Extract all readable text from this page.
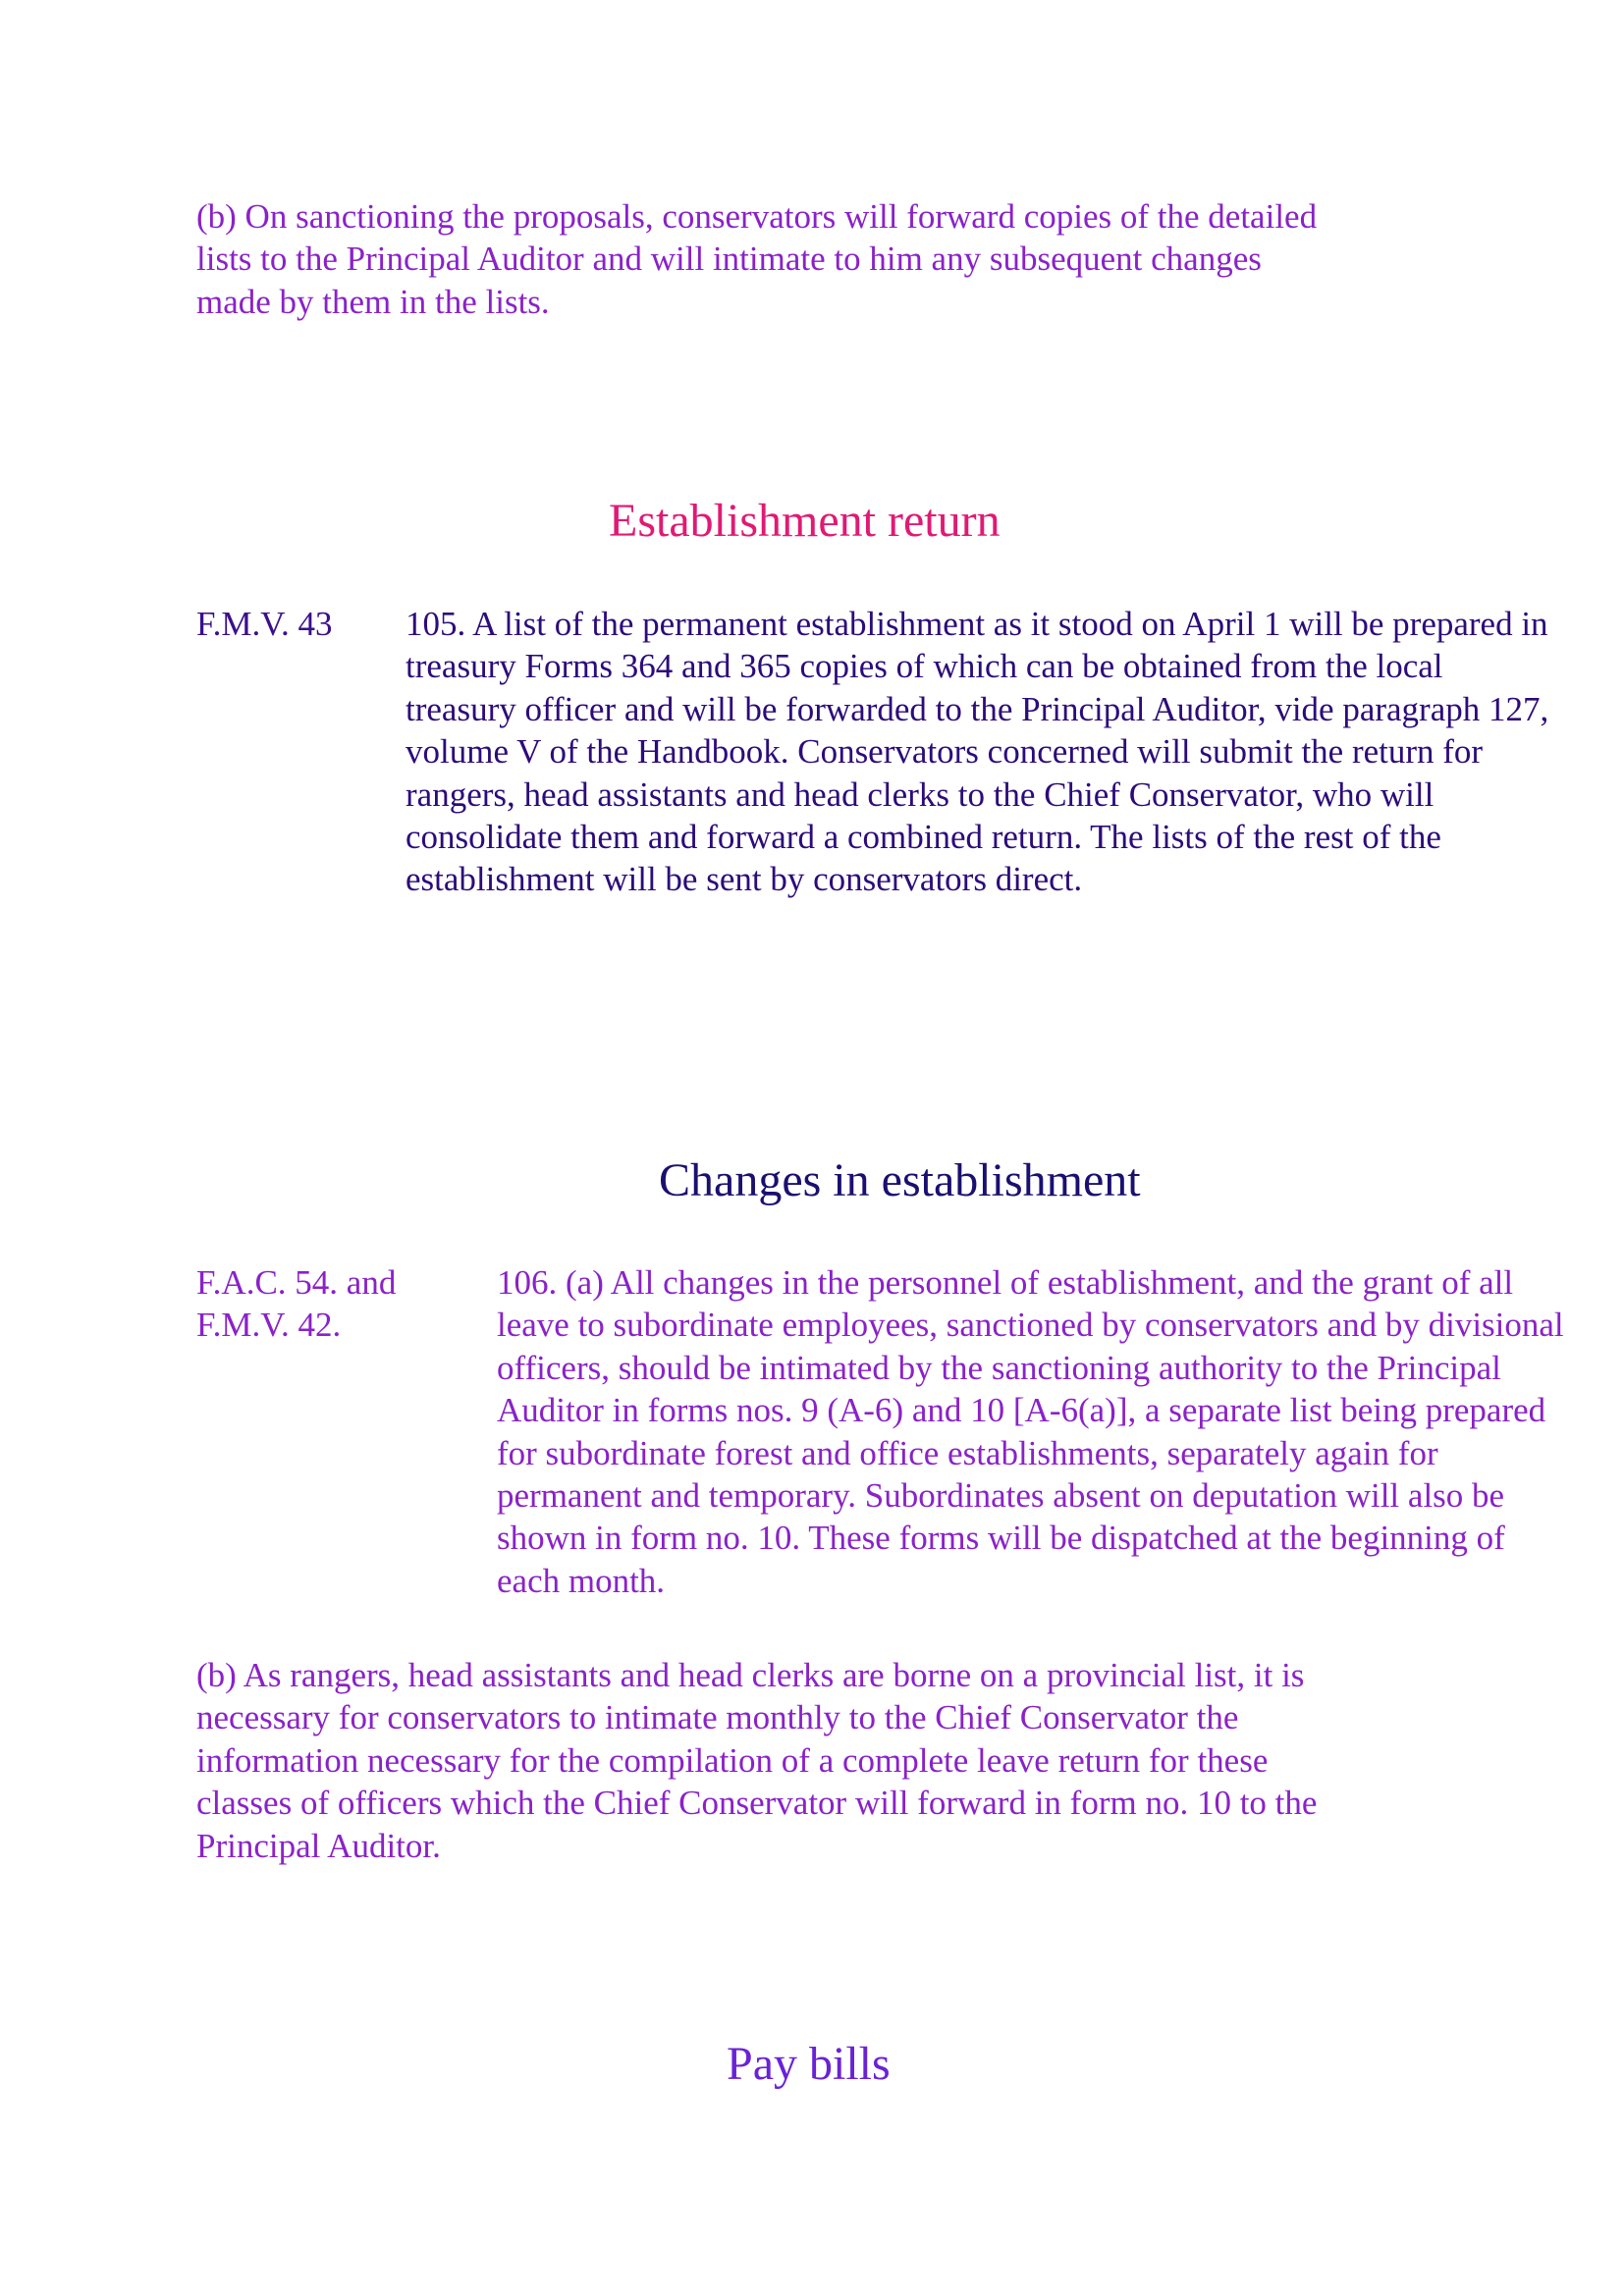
(b) On sanctioning the proposals, conservators will forward copies of the detailed
lists to the Principal Auditor and will intimate to him any subsequent changes
made by them in the lists.
Establishment return
F.M.V. 43 105. A list of the permanent establishment as it stood on April 1 will be prepared in
treasury Forms 364 and 365 copies of which can be obtained from the local
treasury officer and will be forwarded to the Principal Auditor, vide paragraph 127,
volume V of the Handbook. Conservators concerned will submit the return for
rangers, head assistants and head clerks to the Chief Conservator, who will
consolidate them and forward a combined return. The lists of the rest of the
establishment will be sent by conservators direct.
Changes in establishment
F.A.C. 54. and
F.M.V. 42.
106. (a) All changes in the personnel of establishment, and the grant of all
leave to subordinate employees, sanctioned by conservators and by divisional
officers, should be intimated by the sanctioning authority to the Principal
Auditor in forms nos. 9 (A-6) and 10 [A-6(a)], a separate list being prepared
for subordinate forest and office establishments, separately again for
permanent and temporary. Subordinates absent on deputation will also be
shown in form no. 10. These forms will be dispatched at the beginning of
each month.
(b) As rangers, head assistants and head clerks are borne on a provincial list, it is
necessary for conservators to intimate monthly to the Chief Conservator the
information necessary for the compilation of a complete leave return for these
classes of officers which the Chief Conservator will forward in form no. 10 to the
Principal Auditor.
Pay bills
